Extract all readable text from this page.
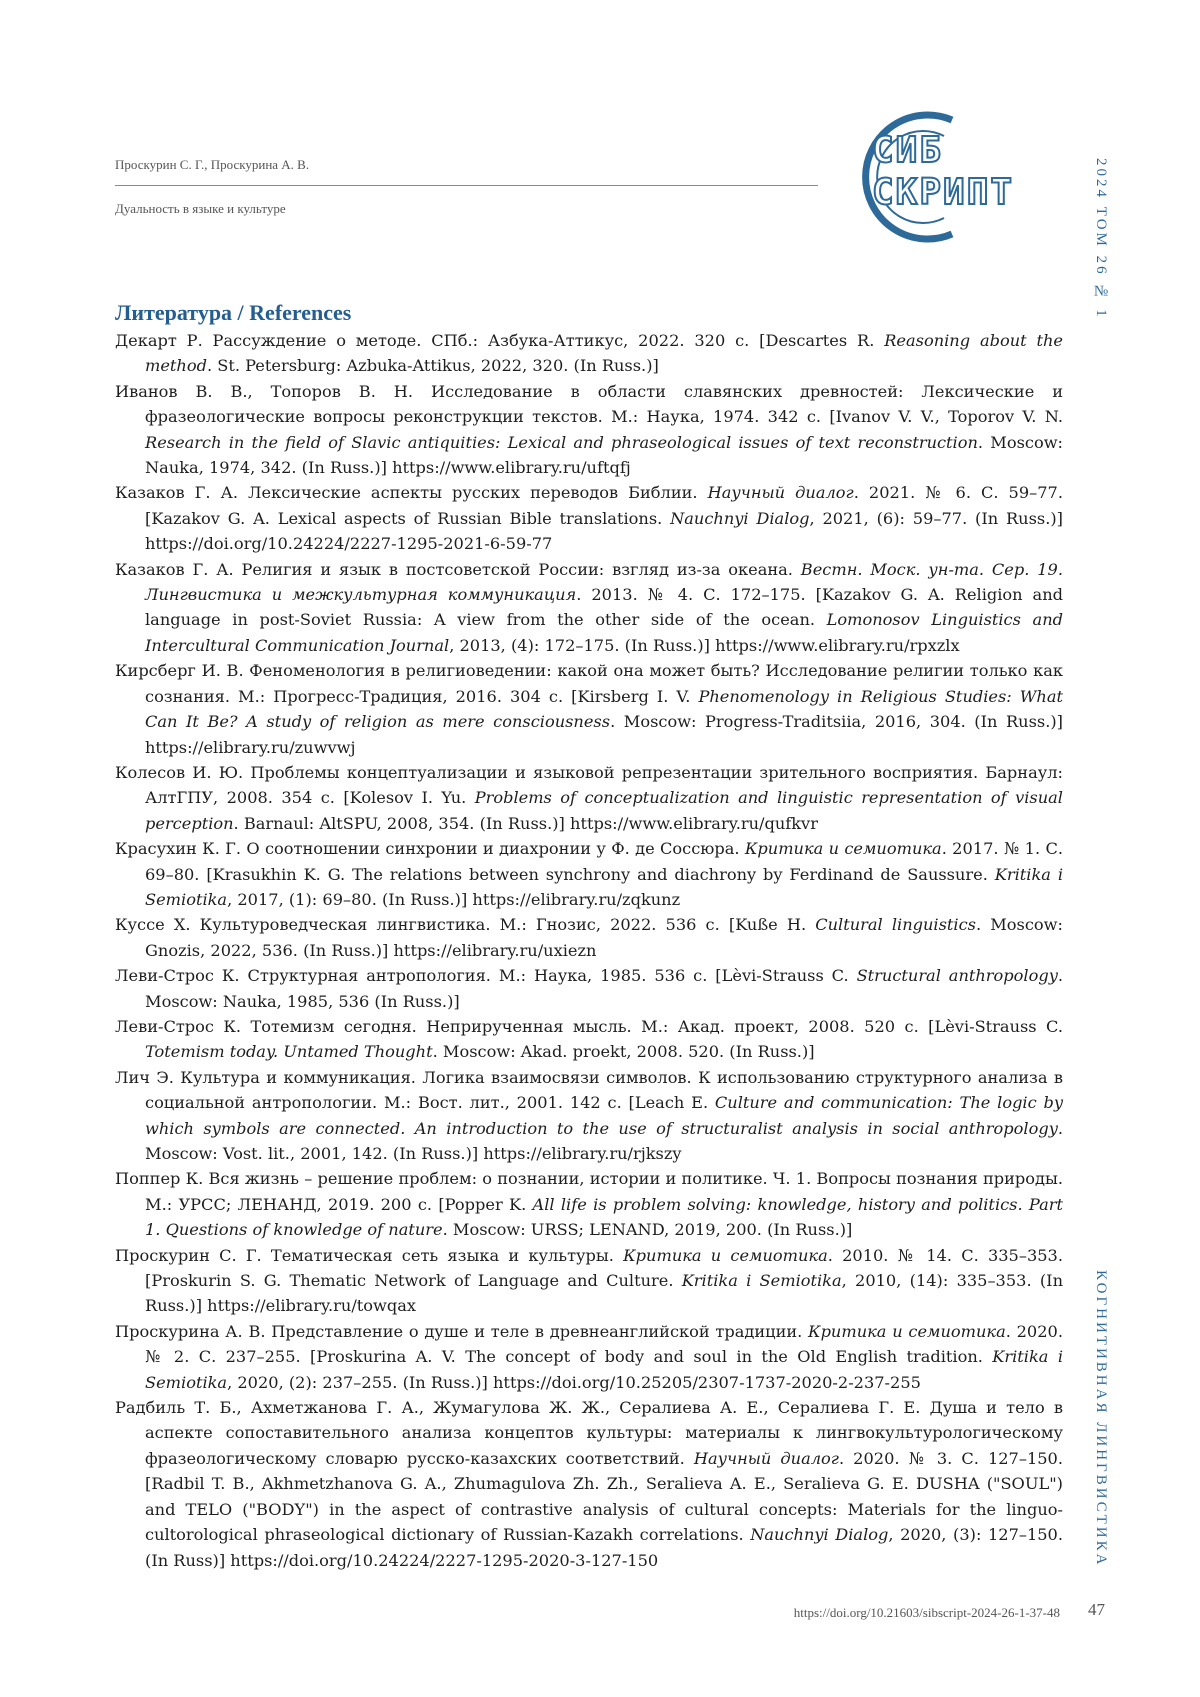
Проскурин С. Г., Проскурина А. В.
Дуальность в языке и культуре
СИБ
СКРИПТ	2024 ТОМ 26 № 1
КОГНИТИВНАЯ ЛИНГВИСТИКА
Литература / References
Декарт Р. Рассуждение о методе. СПб.: Азбука-Аттикус, 2022. 320 с. [Descartes R. Reasoning about the method. St. Petersburg: Azbuka-Attikus, 2022, 320. (In Russ.)]
Иванов В. В., Топоров В. Н. Исследование в области славянских древностей: Лексические и фразеологические вопросы реконструкции текстов. М.: Наука, 1974. 342 с. [Ivanov V. V., Toporov V. N. Research in the field of Slavic antiquities: Lexical and phraseological issues of text reconstruction. Moscow: Nauka, 1974, 342. (In Russ.)] https://www.elibrary.ru/uftqfj
Казаков Г. А. Лексические аспекты русских переводов Библии. Научный диалог. 2021. № 6. С. 59–77. [Kazakov G. A. Lexical aspects of Russian Bible translations. Nauchnyi Dialog, 2021, (6): 59–77. (In Russ.)] https://doi.org/10.24224/2227-1295-2021-6-59-77
Казаков Г. А. Религия и язык в постсоветской России: взгляд из-за океана. Вестн. Моск. ун-та. Сер. 19. Лингвистика и межкультурная коммуникация. 2013. № 4. С. 172–175. [Kazakov G. A. Religion and language in post-Soviet Russia: A view from the other side of the ocean. Lomonosov Linguistics and Intercultural Communication Journal, 2013, (4): 172–175. (In Russ.)] https://www.elibrary.ru/rpxzlx
Кирсберг И. В. Феноменология в религиоведении: какой она может быть? Исследование религии только как сознания. М.: Прогресс-Традиция, 2016. 304 с. [Kirsberg I. V. Phenomenology in Religious Studies: What Can It Be? A study of religion as mere consciousness. Moscow: Progress-Traditsiia, 2016, 304. (In Russ.)] https://elibrary.ru/zuwvwj
Колесов И. Ю. Проблемы концептуализации и языковой репрезентации зрительного восприятия. Барнаул: АлтГПУ, 2008. 354 с. [Kolesov I. Yu. Problems of conceptualization and linguistic representation of visual perception. Barnaul: AltSPU, 2008, 354. (In Russ.)] https://www.elibrary.ru/qufkvr
Красухин К. Г. О соотношении синхронии и диахронии у Ф. де Соссюра. Критика и семиотика. 2017. № 1. С. 69–80. [Krasukhin K. G. The relations between synchrony and diachrony by Ferdinand de Saussure. Kritika i Semiotika, 2017, (1): 69–80. (In Russ.)] https://elibrary.ru/zqkunz
Куссе Х. Культуроведческая лингвистика. М.: Гнозис, 2022. 536 с. [Kuße H. Cultural linguistics. Moscow: Gnozis, 2022, 536. (In Russ.)] https://elibrary.ru/uxiezn
Леви-Строс К. Структурная антропология. М.: Наука, 1985. 536 с. [Lèvi-Strauss C. Structural anthropology. Moscow: Nauka, 1985, 536 (In Russ.)]
Леви-Строс К. Тотемизм сегодня. Неприрученная мысль. М.: Акад. проект, 2008. 520 с. [Lèvi-Strauss C. Totemism today. Untamed Thought. Moscow: Akad. proekt, 2008. 520. (In Russ.)]
Лич Э. Культура и коммуникация. Логика взаимосвязи символов. К использованию структурного анализа в социальной антропологии. М.: Вост. лит., 2001. 142 с. [Leach E. Culture and communication: The logic by which symbols are connected. An introduction to the use of structuralist analysis in social anthropology. Moscow: Vost. lit., 2001, 142. (In Russ.)] https://elibrary.ru/rjkszy
Поппер К. Вся жизнь – решение проблем: о познании, истории и политике. Ч. 1. Вопросы познания природы. М.: УРСС; ЛЕНАНД, 2019. 200 с. [Popper K. All life is problem solving: knowledge, history and politics. Part 1. Questions of knowledge of nature. Moscow: URSS; LENAND, 2019, 200. (In Russ.)]
Проскурин С. Г. Тематическая сеть языка и культуры. Критика и семиотика. 2010. № 14. С. 335–353. [Proskurin S. G. Thematic Network of Language and Culture. Kritika i Semiotika, 2010, (14): 335–353. (In Russ.)] https://elibrary.ru/towqax
Проскурина А. В. Представление о душе и теле в древнеанглийской традиции. Критика и семиотика. 2020. № 2. С. 237–255. [Proskurina A. V. The concept of body and soul in the Old English tradition. Kritika i Semiotika, 2020, (2): 237–255. (In Russ.)] https://doi.org/10.25205/2307-1737-2020-2-237-255
Радбиль Т. Б., Ахметжанова Г. А., Жумагулова Ж. Ж., Сералиева А. Е., Сералиева Г. Е. Душа и тело в аспекте сопоставительного анализа концептов культуры: материалы к лингвокультурологическому фразеологическому словарю русско-казахских соответствий. Научный диалог. 2020. № 3. С. 127–150. [Radbil T. B., Akhmetzhanova G. A., Zhumagulova Zh. Zh., Seralieva A. E., Seralieva G. E. DUSHA ("SOUL") and TELO ("BODY") in the aspect of contrastive analysis of cultural concepts: Materials for the linguo-cultorological phraseological dictionary of Russian-Kazakh correlations. Nauchnyi Dialog, 2020, (3): 127–150. (In Russ)] https://doi.org/10.24224/2227-1295-2020-3-127-150
https://doi.org/10.21603/sibscript-2024-26-1-37-48 47
